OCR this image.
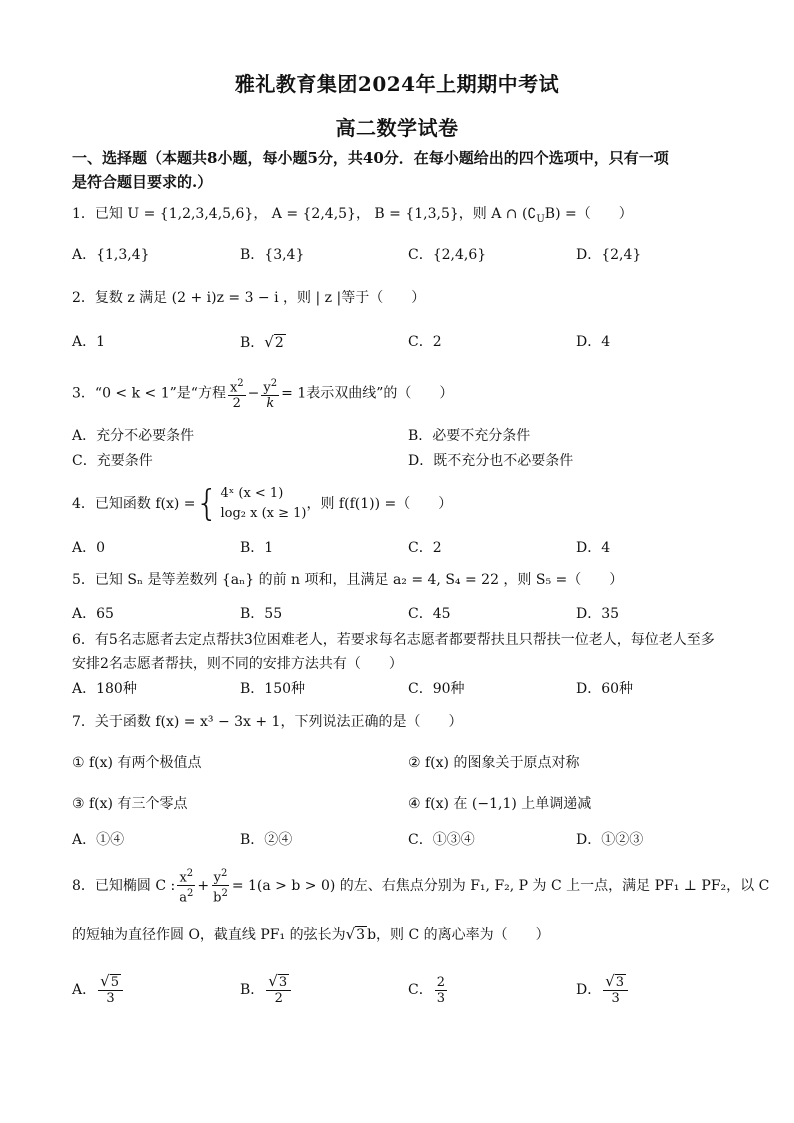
雅礼教育集团2024年上期期中考试
高二数学试卷
一、选择题（本题共8小题，每小题5分，共40分．在每小题给出的四个选项中，只有一项
是符合题目要求的.）
1．已知 U = {1,2,3,4,5,6}， A = {2,4,5}， B = {1,3,5}，则 A ∩ $(∁_UB)$ =（　　）
A．{1,3,4}	B．{3,4}	C．{2,4,6}	D．{2,4}
2．复数 z 满足 (2 + i)z = 3 − i ，则 | z |等于（　　）
A．1	B．√2	C．2	D．4
3．“0 < k < 1”是“方程 $\frac{x^2}{2} - \frac{y^2}{k} = 1$表示双曲线”的（　　）
A．充分不必要条件	B．必要不充分条件
C．充要条件	D．既不充分也不必要条件
4．已知函数 f(x) ={ 4ˣ (x < 1)
log₂ x (x ≥ 1)
，则 f(f(1)) =（　　）
A．0	B．1	C．2	D．4
5．已知 Sₙ 是等差数列 {aₙ} 的前 n 项和，且满足 a₂ = 4, S₄ = 22 ，则 S₅ =（　　）
A．65	B．55	C．45	D．35
6．有5名志愿者去定点帮扶3位困难老人，若要求每名志愿者都要帮扶且只帮扶一位老人，每位老人至多
安排2名志愿者帮扶，则不同的安排方法共有（　　）
A．180种	B．150种	C．90种	D．60种
7．关于函数 f(x) = x³ − 3x + 1，下列说法正确的是（　　）
① f(x) 有两个极值点	② f(x) 的图象关于原点对称
③ f(x) 有三个零点	④ f(x) 在 (−1,1) 上单调递减
A．①④	B．②④	C．①③④	D．①②③
8．已知椭圆 C : $\frac{x^2}{a^2} + \frac{y^2}{b^2} = 1(a > b > 0)$ 的左、右焦点分别为 F₁, F₂, P 为 C 上一点，满足 PF₁ ⊥ PF₂，以 C
的短轴为直径作圆 O，截直线 PF₁ 的弦长为√3 b，则 C 的离心率为（　　）
A． $\frac{√5}{3}$	B． $\frac{√3}{2}$	C． $\frac{2}{3}$	D． $\frac{√3}{3}$
